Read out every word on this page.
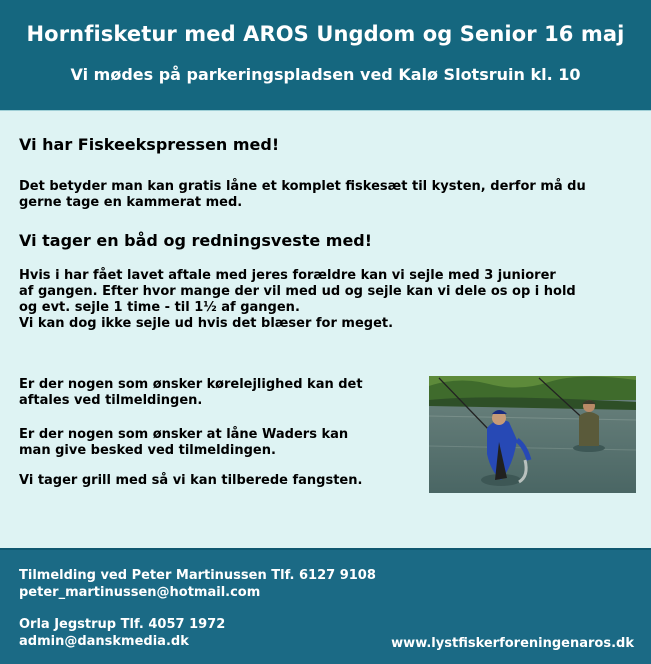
Hornfisketur med AROS Ungdom og Senior 16 maj
Vi mødes på parkeringspladsen ved Kalø Slotsruin kl. 10
Vi har Fiskeekspressen med!

Det betyder man kan gratis låne et komplet fiskesæt til kysten, derfor må du
gerne tage en kammerat med.

Vi tager en båd og redningsveste med!

Hvis i har fået lavet aftale med jeres forældre kan vi sejle med 3 juniorer
af gangen. Efter hvor mange der vil med ud og sejle kan vi dele os op i hold
og evt. sejle 1 time - til 1½ af gangen.
Vi kan dog ikke sejle ud hvis det blæser for meget.

Er der nogen som ønsker kørelejlighed kan det
aftales ved tilmeldingen.

Er der nogen som ønsker at låne Waders kan
man give besked ved tilmeldingen.

Vi tager grill med så vi kan tilberede fangsten.

Tilmelding ved Peter Martinussen Tlf. 6127 9108
peter_martinussen@hotmail.com
Orla Jegstrup Tlf. 4057 1972
admin@danskmedia.dk	www.lystfiskerforeningenaros.dk
